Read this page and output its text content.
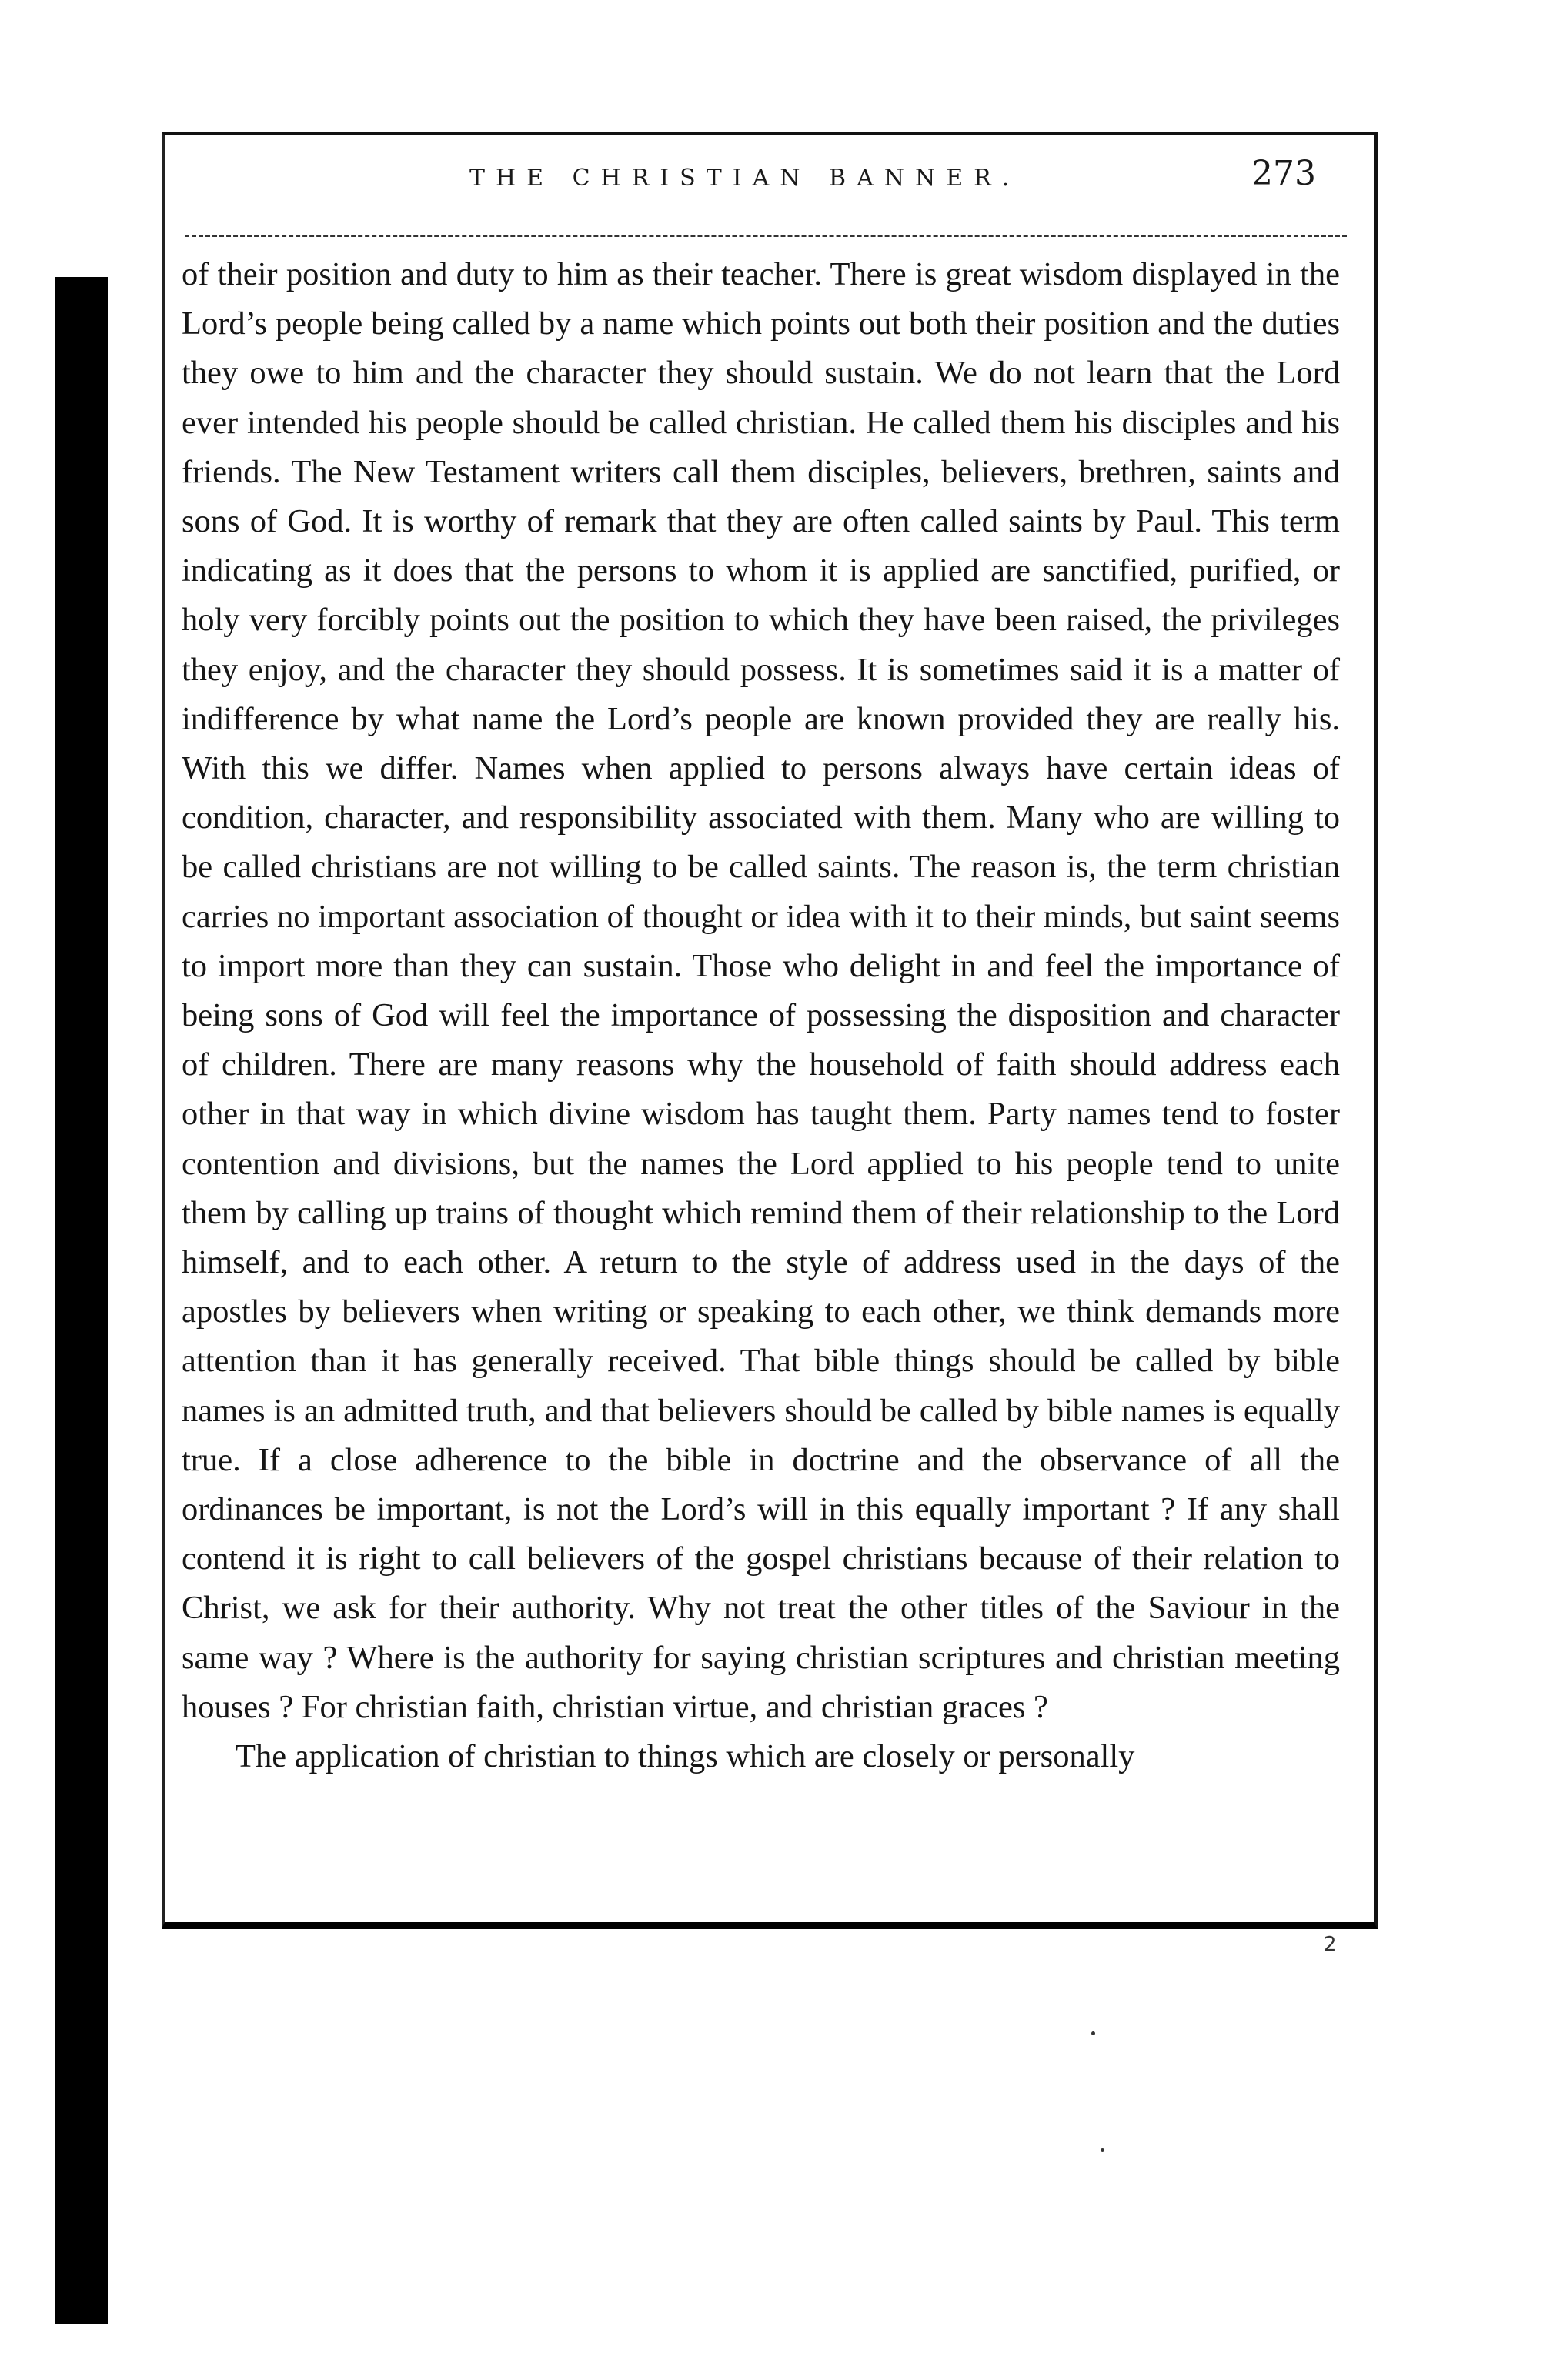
THE CHRISTIAN BANNER.	273

of their position and duty to him as their teacher. There is great wisdom displayed in the Lord’s people being called by a name which points out both their position and the duties they owe to him and the character they should sustain. We do not learn that the Lord ever intended his people should be called christian. He called them his disciples and his friends. The New Testament writers call them disciples, believers, brethren, saints and sons of God. It is worthy of remark that they are often called saints by Paul. This term indicating as it does that the persons to whom it is applied are sanctified, purified, or holy very forcibly points out the position to which they have been raised, the privileges they enjoy, and the character they should possess. It is sometimes said it is a matter of indifference by what name the Lord’s people are known provided they are really his. With this we differ. Names when applied to persons always have certain ideas of condition, character, and responsibility associated with them. Many who are willing to be called christians are not willing to be called saints. The reason is, the term christian carries no important association of thought or idea with it to their minds, but saint seems to import more than they can sustain. Those who delight in and feel the importance of being sons of God will feel the importance of possessing the disposition and character of children. There are many reasons why the household of faith should address each other in that way in which divine wisdom has taught them. Party names tend to foster contention and divisions, but the names the Lord applied to his people tend to unite them by calling up trains of thought which remind them of their relationship to the Lord himself, and to each other. A return to the style of address used in the days of the apostles by believers when writing or speaking to each other, we think demands more attention than it has generally received. That bible things should be called by bible names is an admitted truth, and that believers should be called by bible names is equally true. If a close adherence to the bible in doctrine and the observance of all the ordinances be important, is not the Lord’s will in this equally important ? If any shall contend it is right to call believers of the gospel christians because of their relation to Christ, we ask for their authority. Why not treat the other titles of the Saviour in the same way ? Where is the authority for saying christian scriptures and christian meeting houses ? For christian faith, christian virtue, and christian graces ?

The application of christian to things which are closely or personally

2
